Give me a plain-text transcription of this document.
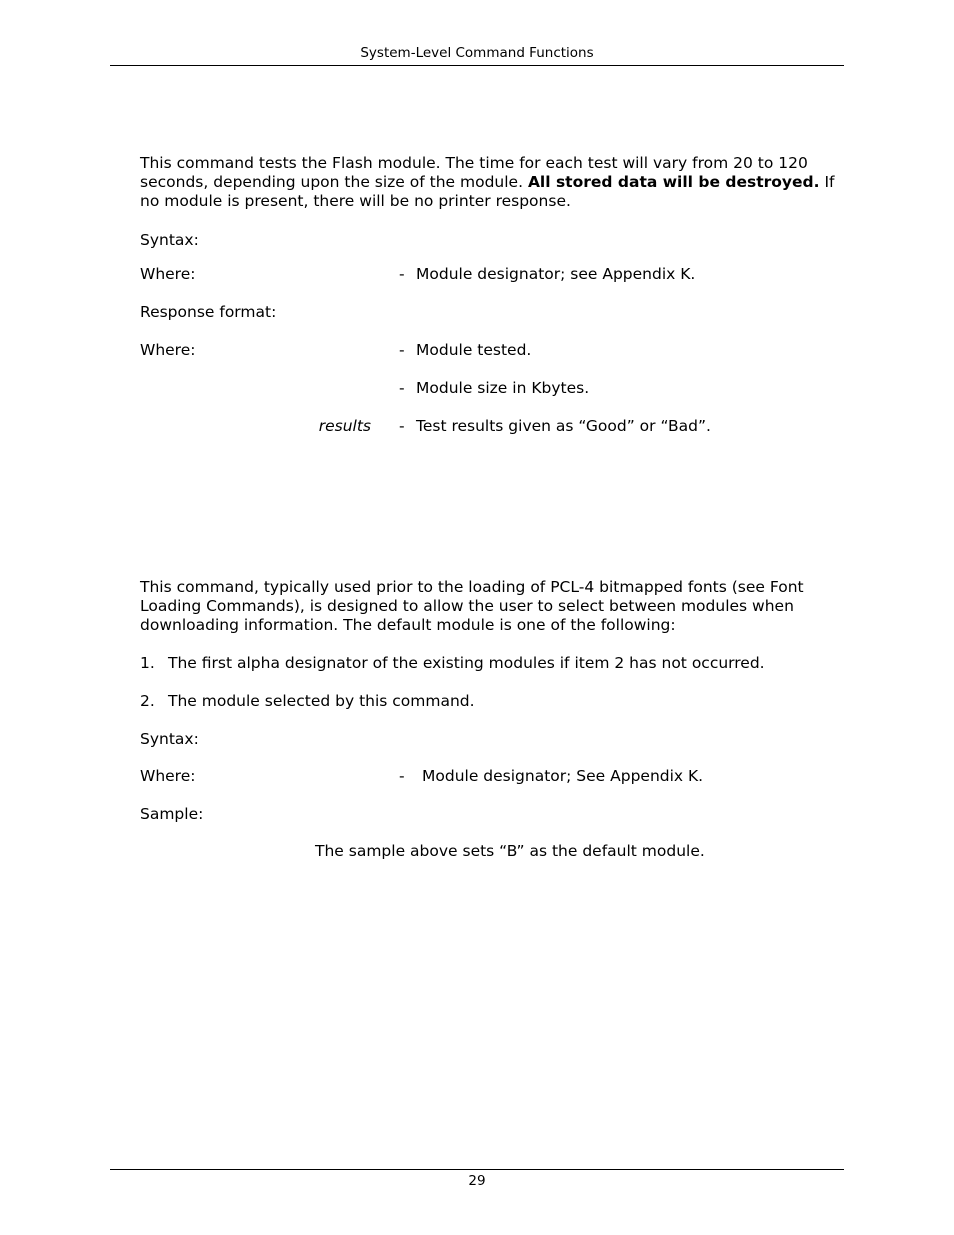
System-Level Command Functions
This command tests the Flash module. The time for each test will vary from 20 to 120 seconds, depending upon the size of the module. All stored data will be destroyed. If no module is present, there will be no printer response.
Syntax:
Where:	- Module designator; see Appendix K.
Response format:
Where:	- Module tested.
- Module size in Kbytes.
results - Test results given as “Good” or “Bad”.
This command, typically used prior to the loading of PCL-4 bitmapped fonts (see Font Loading Commands), is designed to allow the user to select between modules when downloading information. The default module is one of the following:
1. The first alpha designator of the existing modules if item 2 has not occurred.
2. The module selected by this command.
Syntax:
Where:	- Module designator; See Appendix K.
Sample:
The sample above sets “B” as the default module.
29
